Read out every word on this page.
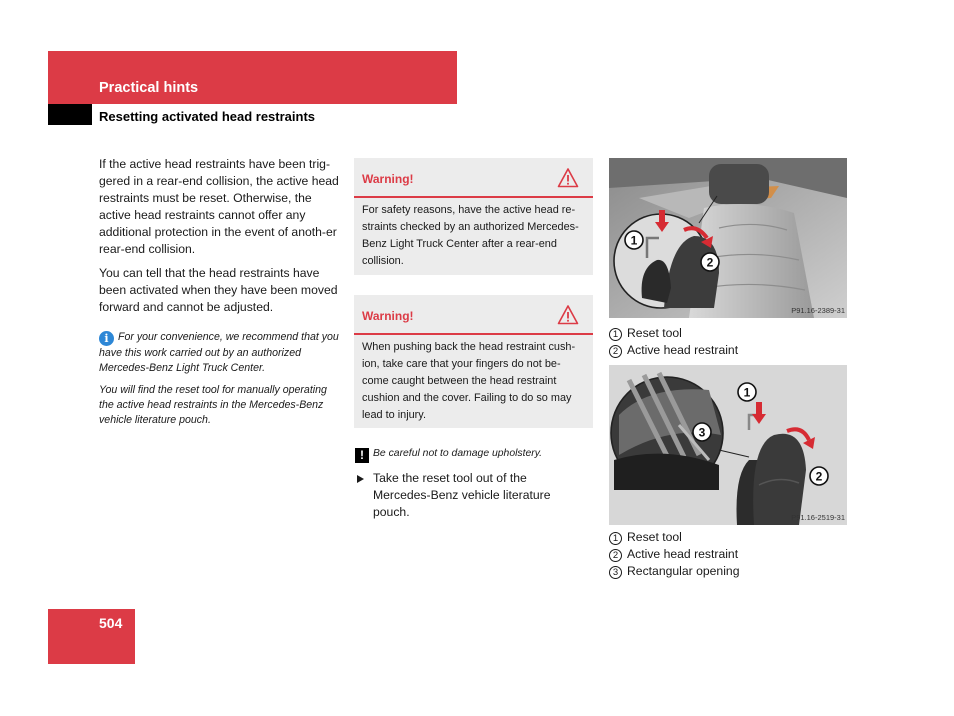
Practical hints
Resetting activated head restraints

If the active head restraints have been trig-gered in a rear-end collision, the active head restraints must be reset. Otherwise, the active head restraints cannot offer any additional protection in the event of anoth-er rear-end collision.

You can tell that the head restraints have been activated when they have been moved forward and cannot be adjusted.

i For your convenience, we recommend that you have this work carried out by an authorized Mercedes-Benz Light Truck Center.

You will find the reset tool for manually operating the active head restraints in the Mercedes-Benz vehicle literature pouch.

Warning!
For safety reasons, have the active head re-straints checked by an authorized Mercedes-Benz Light Truck Center after a rear-end collision.
Warning!
When pushing back the head restraint cush-ion, take care that your fingers do not be-come caught between the head restraint cushion and the cover. Failing to do so may lead to injury.
! Be careful not to damage upholstery.
Take the reset tool out of the Mercedes-Benz vehicle literature pouch.
1
2
P91.16-2389-31
1 Reset tool
2 Active head restraint
1
2
3
P91.16-2519-31
1 Reset tool
2 Active head restraint
3 Rectangular opening
504
